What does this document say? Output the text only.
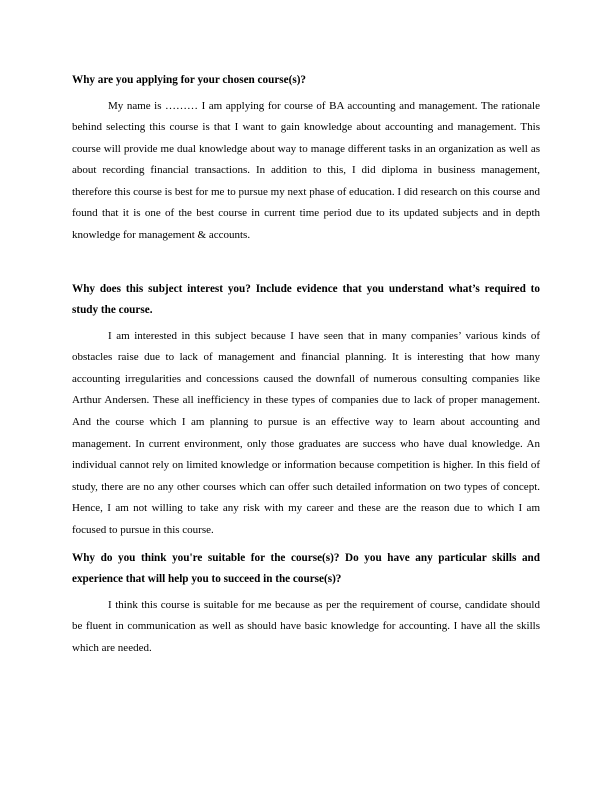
Why are you applying for your chosen course(s)?

My name is ……… I am applying for course of BA accounting and management. The rationale behind selecting this course is that I want to gain knowledge about accounting and management. This course will provide me dual knowledge about way to manage different tasks in an organization as well as about recording financial transactions. In addition to this, I did diploma in business management, therefore this course is best for me to pursue my next phase of education. I did research on this course and found that it is one of the best course in current time period due to its updated subjects and in depth knowledge for management & accounts.

Why does this subject interest you? Include evidence that you understand what’s required to study the course.

I am interested in this subject because I have seen that in many companies’ various kinds of obstacles raise due to lack of management and financial planning. It is interesting that how many accounting irregularities and concessions caused the downfall of numerous consulting companies like Arthur Andersen. These all inefficiency in these types of companies due to lack of proper management. And the course which I am planning to pursue is an effective way to learn about accounting and management. In current environment, only those graduates are success who have dual knowledge. An individual cannot rely on limited knowledge or information because competition is higher. In this field of study, there are no any other courses which can offer such detailed information on two types of concept. Hence, I am not willing to take any risk with my career and these are the reason due to which I am focused to pursue in this course.

Why do you think you're suitable for the course(s)? Do you have any particular skills and experience that will help you to succeed in the course(s)?

I think this course is suitable for me because as per the requirement of course, candidate should be fluent in communication as well as should have basic knowledge for accounting. I have all the skills which are needed.
